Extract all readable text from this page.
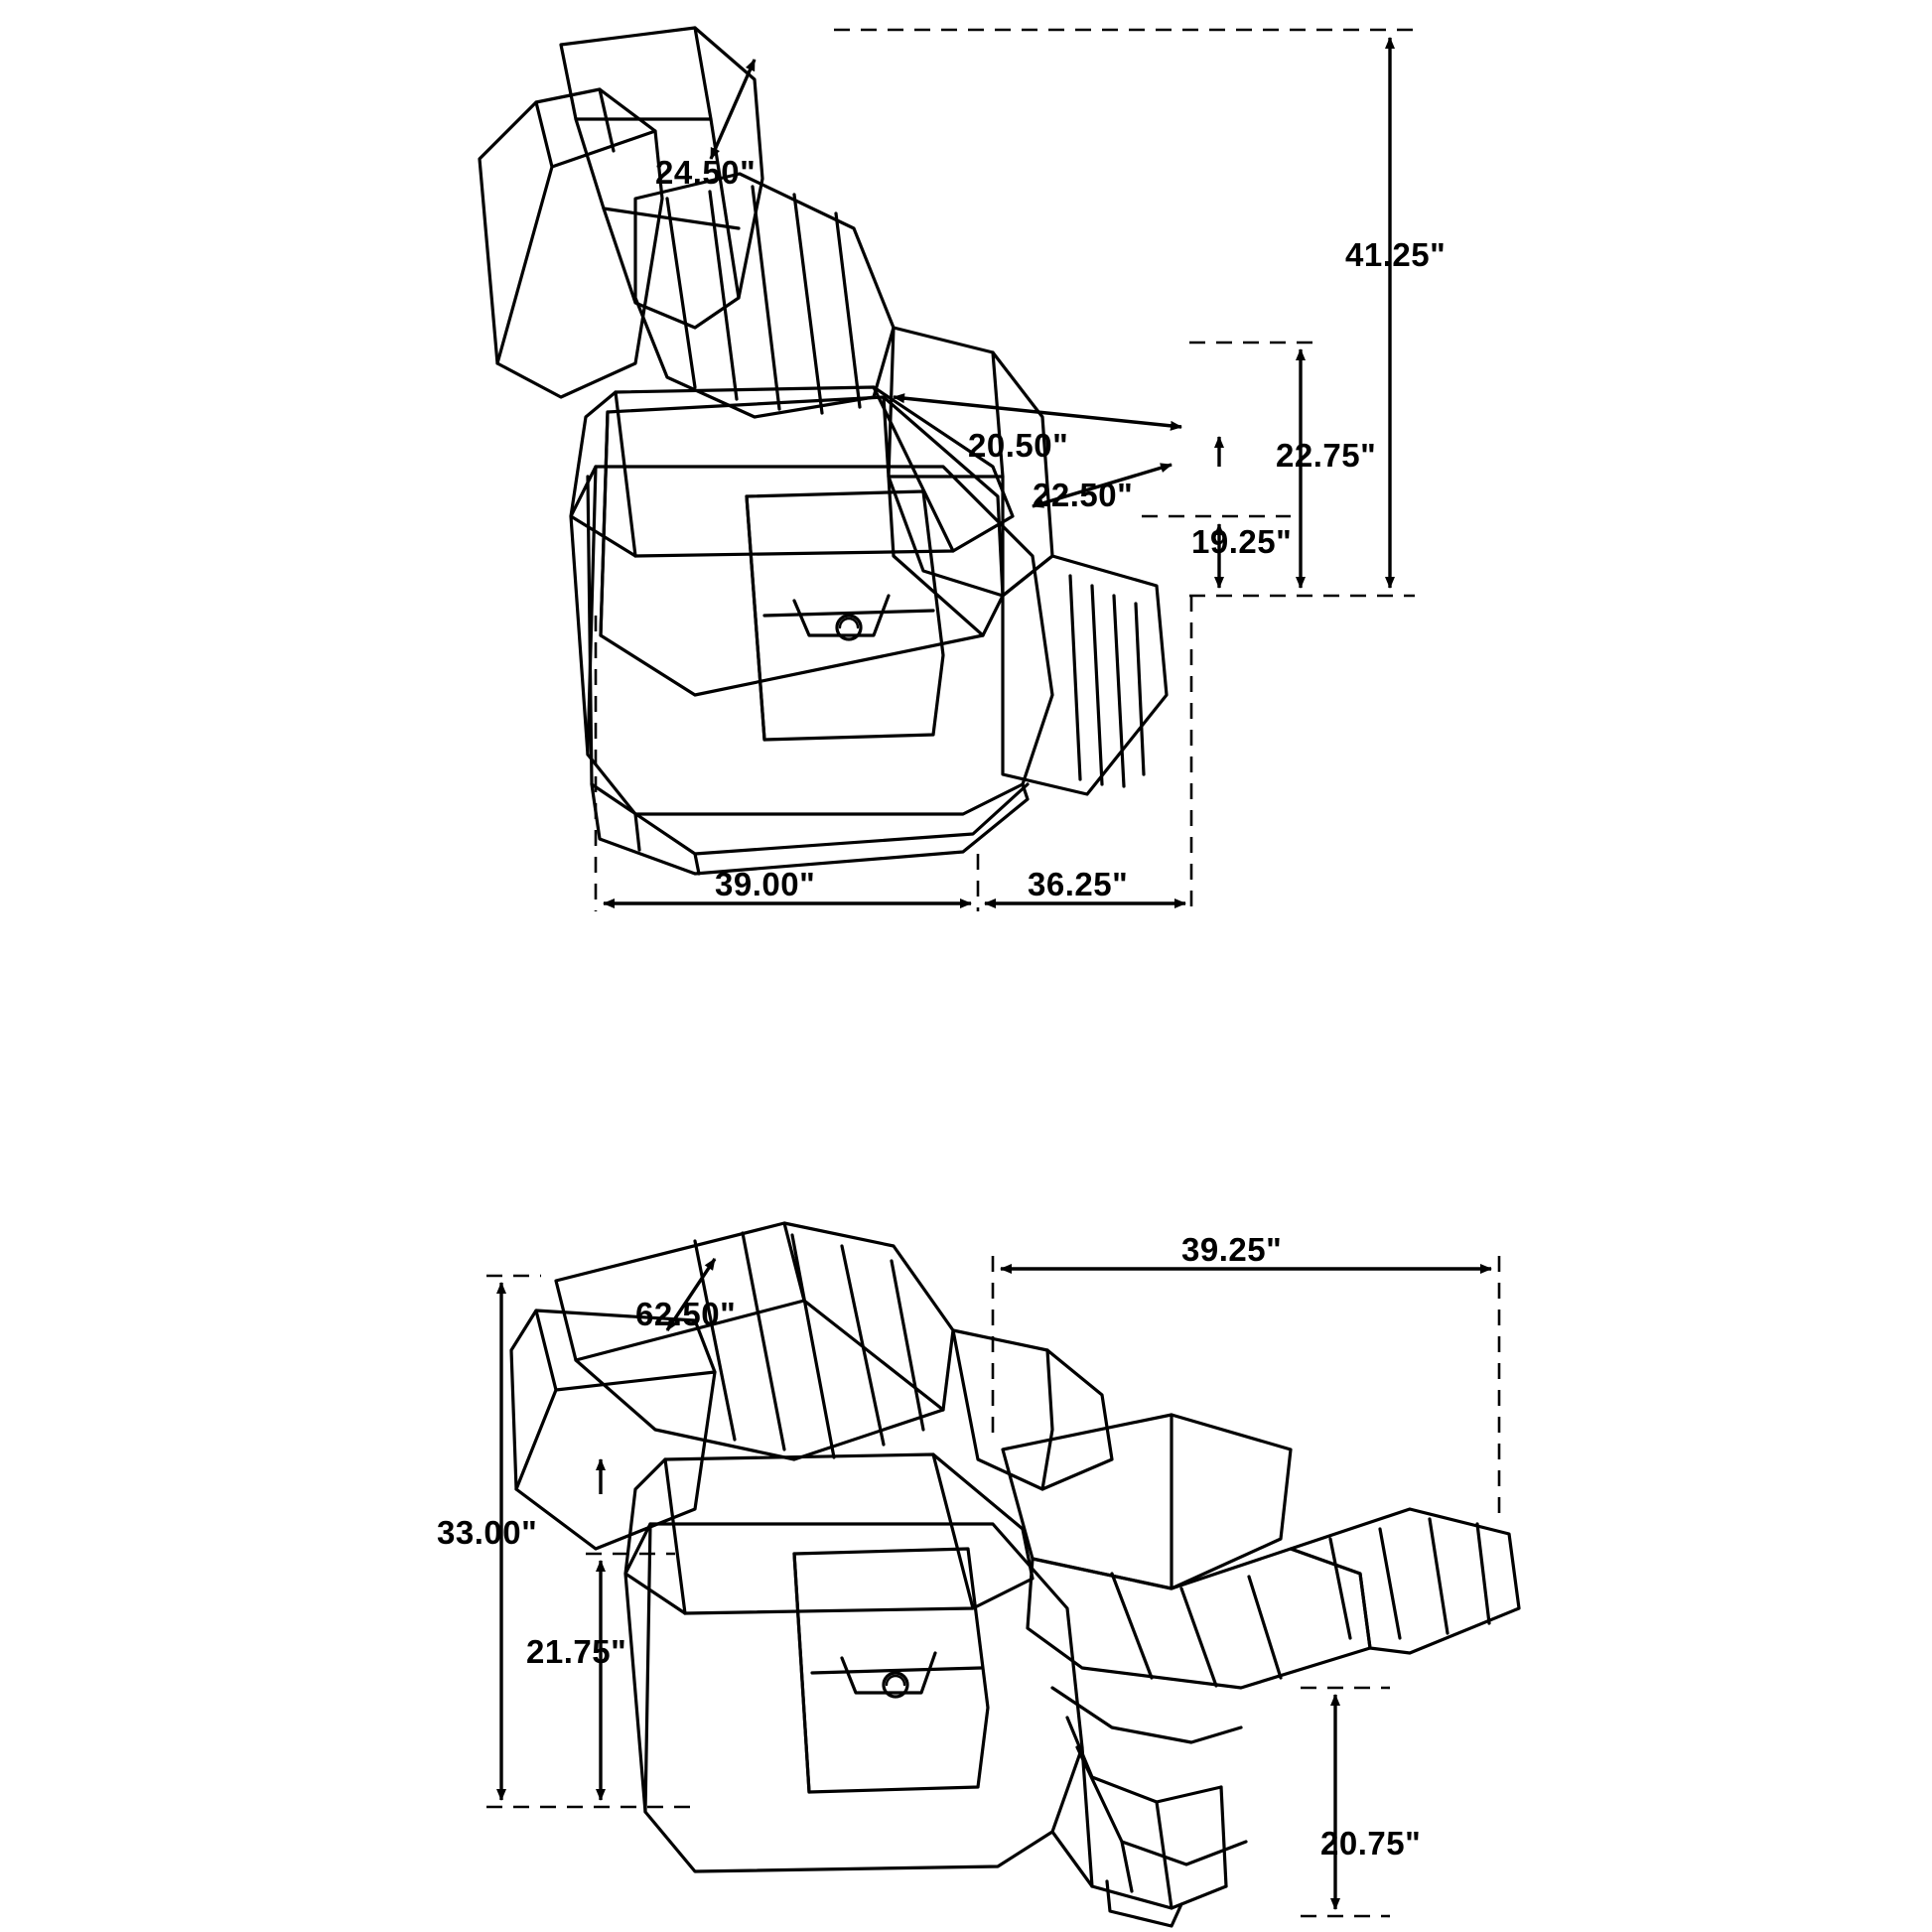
24.50"
41.25"
20.50"	22.75"
22.50"
19.25"
39.00"	36.25"
62.50"
39.25"
33.00"
21.75"
20.75"
